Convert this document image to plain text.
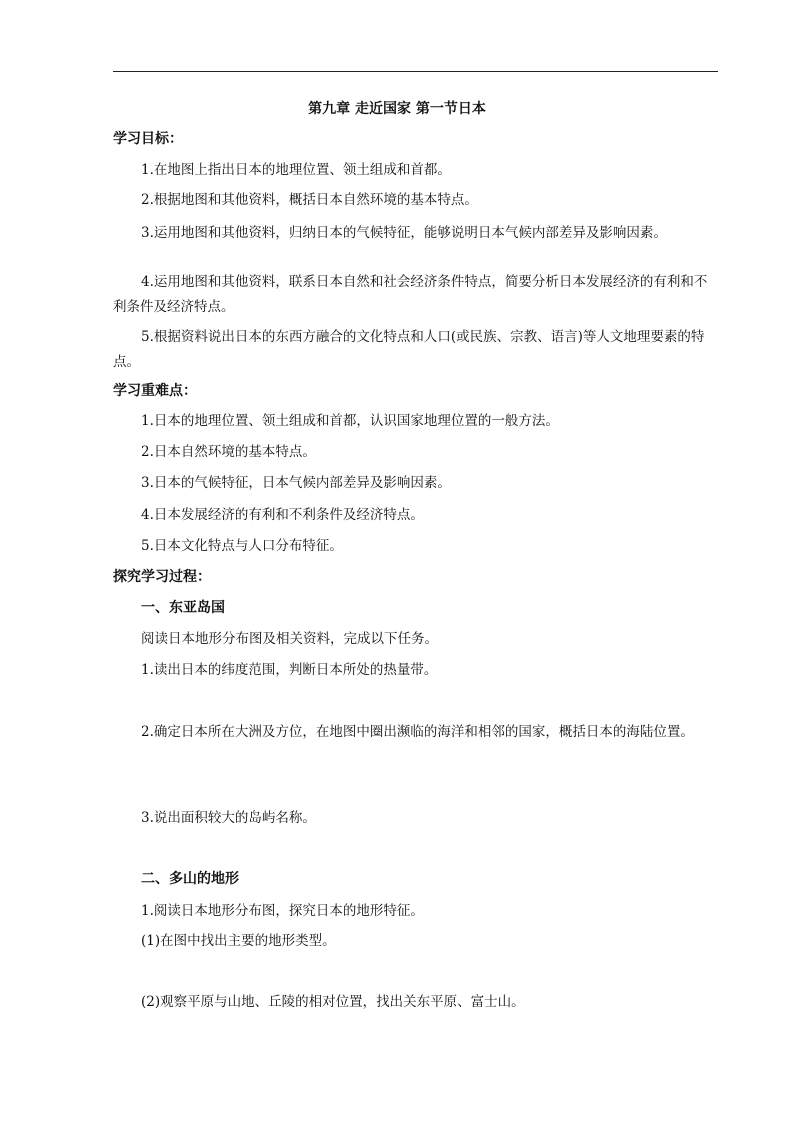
第九章 走近国家 第一节日本
学习目标：

1.在地图上指出日本的地理位置、领土组成和首都。

2.根据地图和其他资料，概括日本自然环境的基本特点。

3.运用地图和其他资料，归纳日本的气候特征，能够说明日本气候内部差异及影响因素。

4.运用地图和其他资料，联系日本自然和社会经济条件特点，简要分析日本发展经济的有利和不利条件及经济特点。

5.根据资料说出日本的东西方融合的文化特点和人口(或民族、宗教、语言)等人文地理要素的特点。

学习重难点：

1.日本的地理位置、领土组成和首都，认识国家地理位置的一般方法。

2.日本自然环境的基本特点。

3.日本的气候特征，日本气候内部差异及影响因素。

4.日本发展经济的有利和不利条件及经济特点。

5.日本文化特点与人口分布特征。

探究学习过程：
一、东亚岛国

阅读日本地形分布图及相关资料，完成以下任务。

1.读出日本的纬度范围，判断日本所处的热量带。

2.确定日本所在大洲及方位，在地图中圈出濒临的海洋和相邻的国家，概括日本的海陆位置。

3.说出面积较大的岛屿名称。

二、多山的地形

1.阅读日本地形分布图，探究日本的地形特征。

(1)在图中找出主要的地形类型。

(2)观察平原与山地、丘陵的相对位置，找出关东平原、富士山。
